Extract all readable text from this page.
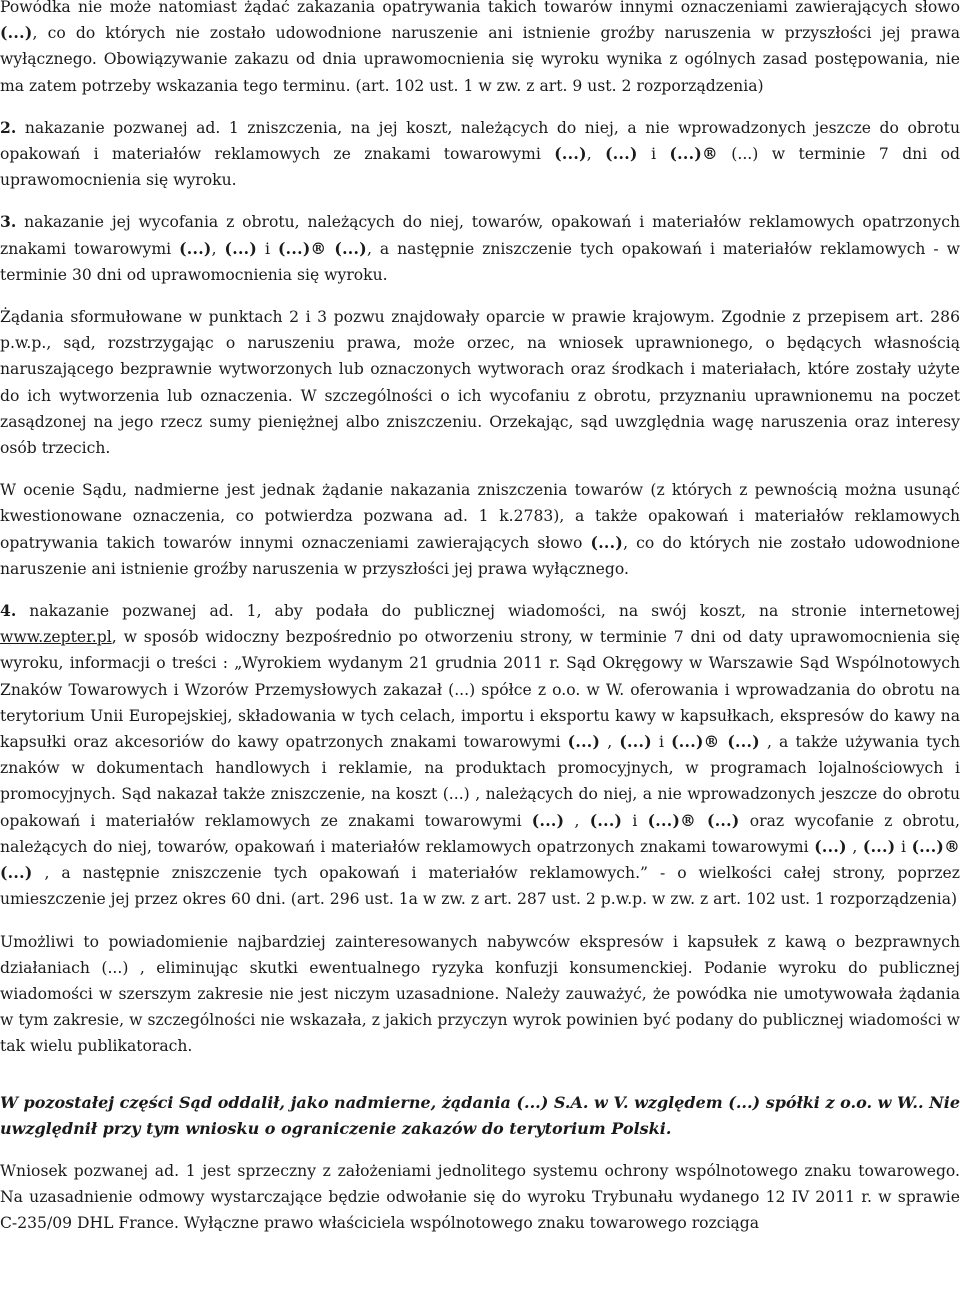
Powódka nie może natomiast żądać zakazania opatrywania takich towarów innymi oznaczeniami zawierających słowo (...), co do których nie zostało udowodnione naruszenie ani istnienie groźby naruszenia w przyszłości jej prawa wyłącznego. Obowiązywanie zakazu od dnia uprawomocnienia się wyroku wynika z ogólnych zasad postępowania, nie ma zatem potrzeby wskazania tego terminu. (art. 102 ust. 1 w zw. z art. 9 ust. 2 rozporządzenia)

2. nakazanie pozwanej ad. 1 zniszczenia, na jej koszt, należących do niej, a nie wprowadzonych jeszcze do obrotu opakowań i materiałów reklamowych ze znakami towarowymi (...), (...) i (...)® (...) w terminie 7 dni od uprawomocnienia się wyroku.

3. nakazanie jej wycofania z obrotu, należących do niej, towarów, opakowań i materiałów reklamowych opatrzonych znakami towarowymi (...), (...) i (...)® (...), a następnie zniszczenie tych opakowań i materiałów reklamowych - w terminie 30 dni od uprawomocnienia się wyroku.

Żądania sformułowane w punktach 2 i 3 pozwu znajdowały oparcie w prawie krajowym. Zgodnie z przepisem art. 286 p.w.p., sąd, rozstrzygając o naruszeniu prawa, może orzec, na wniosek uprawnionego, o będących własnością naruszającego bezprawnie wytworzonych lub oznaczonych wytworach oraz środkach i materiałach, które zostały użyte do ich wytworzenia lub oznaczenia. W szczególności o ich wycofaniu z obrotu, przyznaniu uprawnionemu na poczet zasądzonej na jego rzecz sumy pieniężnej albo zniszczeniu. Orzekając, sąd uwzględnia wagę naruszenia oraz interesy osób trzecich.

W ocenie Sądu, nadmierne jest jednak żądanie nakazania zniszczenia towarów (z których z pewnością można usunąć kwestionowane oznaczenia, co potwierdza pozwana ad. 1 k.2783), a także opakowań i materiałów reklamowych opatrywania takich towarów innymi oznaczeniami zawierających słowo (...), co do których nie zostało udowodnione naruszenie ani istnienie groźby naruszenia w przyszłości jej prawa wyłącznego.

4. nakazanie pozwanej ad. 1, aby podała do publicznej wiadomości, na swój koszt, na stronie internetowej www.zepter.pl, w sposób widoczny bezpośrednio po otworzeniu strony, w terminie 7 dni od daty uprawomocnienia się wyroku, informacji o treści : „Wyrokiem wydanym 21 grudnia 2011 r. Sąd Okręgowy w Warszawie Sąd Wspólnotowych Znaków Towarowych i Wzorów Przemysłowych zakazał (...) spółce z o.o. w W. oferowania i wprowadzania do obrotu na terytorium Unii Europejskiej, składowania w tych celach, importu i eksportu kawy w kapsułkach, ekspresów do kawy na kapsułki oraz akcesoriów do kawy opatrzonych znakami towarowymi (...) , (...) i (...)® (...) , a także używania tych znaków w dokumentach handlowych i reklamie, na produktach promocyjnych, w programach lojalnościowych i promocyjnych. Sąd nakazał także zniszczenie, na koszt (...) , należących do niej, a nie wprowadzonych jeszcze do obrotu opakowań i materiałów reklamowych ze znakami towarowymi (...) , (...) i (...)® (...) oraz wycofanie z obrotu, należących do niej, towarów, opakowań i materiałów reklamowych opatrzonych znakami towarowymi (...) , (...) i (...)® (...) , a następnie zniszczenie tych opakowań i materiałów reklamowych.” - o wielkości całej strony, poprzez umieszczenie jej przez okres 60 dni. (art. 296 ust. 1a w zw. z art. 287 ust. 2 p.w.p. w zw. z art. 102 ust. 1 rozporządzenia)

Umożliwi to powiadomienie najbardziej zainteresowanych nabywców ekspresów i kapsułek z kawą o bezprawnych działaniach (...) , eliminując skutki ewentualnego ryzyka konfuzji konsumenckiej. Podanie wyroku do publicznej wiadomości w szerszym zakresie nie jest niczym uzasadnione. Należy zauważyć, że powódka nie umotywowała żądania w tym zakresie, w szczególności nie wskazała, z jakich przyczyn wyrok powinien być podany do publicznej wiadomości w tak wielu publikatorach.

W pozostałej części Sąd oddalił, jako nadmierne, żądania (...) S.A. w V. względem (...) spółki z o.o. w W.. Nie uwzględnił przy tym wniosku o ograniczenie zakazów do terytorium Polski.

Wniosek pozwanej ad. 1 jest sprzeczny z założeniami jednolitego systemu ochrony wspólnotowego znaku towarowego. Na uzasadnienie odmowy wystarczające będzie odwołanie się do wyroku Trybunału wydanego 12 IV 2011 r. w sprawie C-235/09 DHL France. Wyłączne prawo właściciela wspólnotowego znaku towarowego rozciąga
